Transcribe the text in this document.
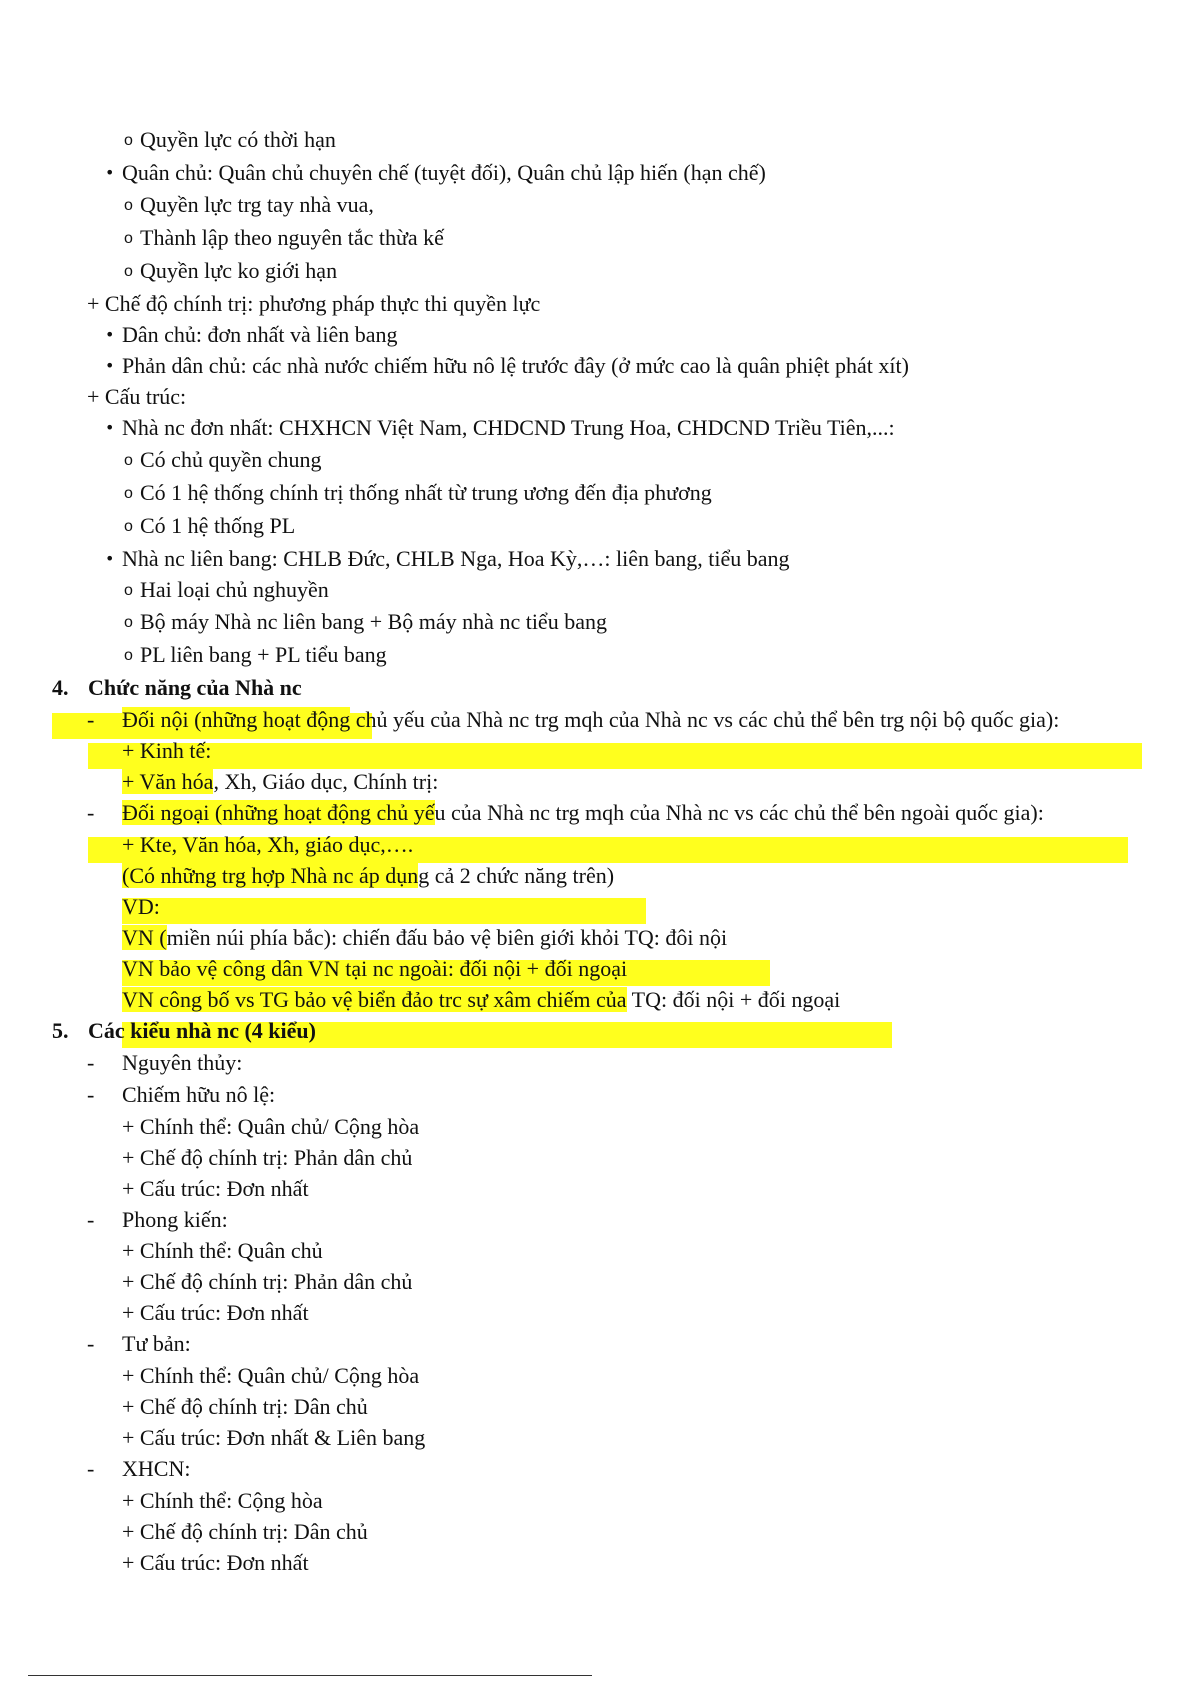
o Quyền lực có thời hạn
• Quân chủ: Quân chủ chuyên chế (tuyệt đối), Quân chủ lập hiến (hạn chế)
o Quyền lực trg tay nhà vua,
o Thành lập theo nguyên tắc thừa kế
o Quyền lực ko giới hạn
+ Chế độ chính trị: phương pháp thực thi quyền lực
• Dân chủ: đơn nhất và liên bang
• Phản dân chủ: các nhà nước chiếm hữu nô lệ trước đây (ở mức cao là quân phiệt phát xít)
+ Cấu trúc:
• Nhà nc đơn nhất: CHXHCN Việt Nam, CHDCND Trung Hoa, CHDCND Triều Tiên,...:
o Có chủ quyền chung
o Có 1 hệ thống chính trị thống nhất từ trung ương đến địa phương
o Có 1 hệ thống PL
• Nhà nc liên bang: CHLB Đức, CHLB Nga, Hoa Kỳ,…: liên bang, tiểu bang
o Hai loại chủ nghuyền
o Bộ máy Nhà nc liên bang + Bộ máy nhà nc tiểu bang
o PL liên bang + PL tiểu bang
4. Chức năng của Nhà nc
- Đối nội (những hoạt động chủ yếu của Nhà nc trg mqh của Nhà nc vs các chủ thể bên trg nội bộ quốc gia):
+ Kinh tế:
+ Văn hóa, Xh, Giáo dục, Chính trị:
- Đối ngoại (những hoạt động chủ yếu của Nhà nc trg mqh của Nhà nc vs các chủ thể bên ngoài quốc gia):
+ Kte, Văn hóa, Xh, giáo dục,….
(Có những trg hợp Nhà nc áp dụng cả 2 chức năng trên)
VD:
VN (miền núi phía bắc): chiến đấu bảo vệ biên giới khỏi TQ: đôi nội
VN bảo vệ công dân VN tại nc ngoài: đối nội + đối ngoại
VN công bố vs TG bảo vệ biển đảo trc sự xâm chiếm của TQ: đối nội + đối ngoại
5. Các kiểu nhà nc (4 kiểu)
- Nguyên thủy:
- Chiếm hữu nô lệ:
+ Chính thể: Quân chủ/ Cộng hòa
+ Chế độ chính trị: Phản dân chủ
+ Cấu trúc: Đơn nhất
- Phong kiến:
+ Chính thể: Quân chủ
+ Chế độ chính trị: Phản dân chủ
+ Cấu trúc: Đơn nhất
- Tư bản:
+ Chính thể: Quân chủ/ Cộng hòa
+ Chế độ chính trị: Dân chủ
+ Cấu trúc: Đơn nhất & Liên bang
- XHCN:
+ Chính thể: Cộng hòa
+ Chế độ chính trị: Dân chủ
+ Cấu trúc: Đơn nhất
